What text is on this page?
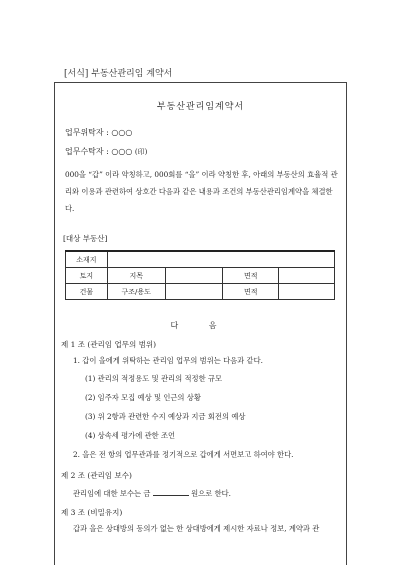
[서식] 부동산관리임 계약서
부동산관리임계약서
업무위탁자 : ○○○
업무수탁자 : ○○○ (印)
000을 “갑” 이라 약칭하고, 000회를 “을” 이라 약칭한 후, 아래의 부동산의 효율적 관리와 이용과 관련하여 상호간 다음과 같은 내용과 조건의 부동산관리임계약을 체결한다.
[대상 부동산]
소재지				
토지	지목		면적	
건물	구조/용도		면적	
다 음
제 1 조 (관리임 업무의 범위)
1. 갑이 을에게 위탁하는 관리임 업무의 범위는 다음과 같다.
(1) 관리의 적정용도 및 관리의 적정한 규모
(2) 임주자 모집 예상 및 인근의 상황
(3) 위 2항과 관련한 수지 예상과 지금 회전의 예상
(4) 상속세 평가에 관한 조언
2. 을은 전 항의 업무관과를 정기적으로 갑에게 서면보고 하여야 한다.
제 2 조 (관리임 보수)
관리임에 대한 보수는 금	원으로 한다.
제 3 조 (비밀유지)
갑과 을은 상대방의 동의가 없는 한 상대방에게 제시한 자료나 정보, 계약과 관
